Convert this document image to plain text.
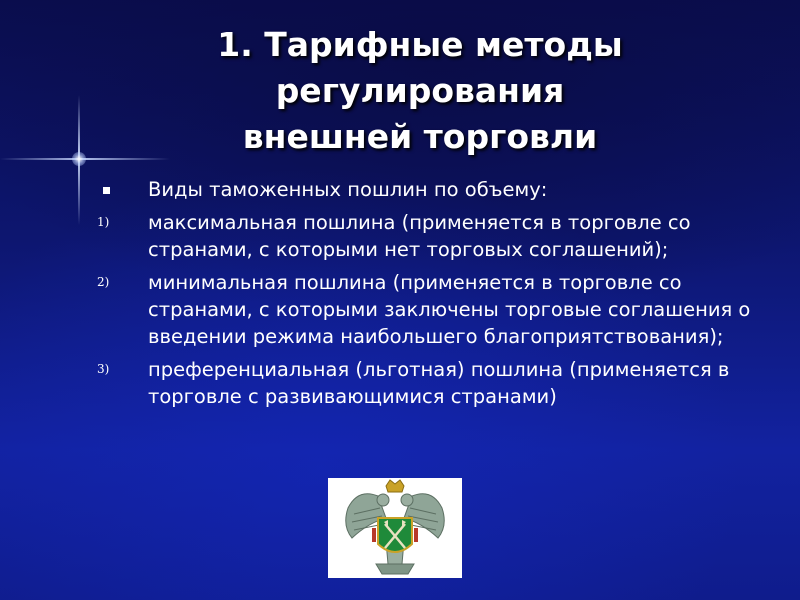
1. Тарифные методы
регулирования
внешней торговли
Виды таможенных пошлин по объему:
1) максимальная пошлина (применяется в торговле со странами, с которыми нет торговых соглашений);
2) минимальная пошлина (применяется в торговле со странами, с которыми заключены торговые соглашения о введении режима наибольшего благоприятствования);
3) преференциальная (льготная) пошлина (применяется в торговле с развивающимися странами)
